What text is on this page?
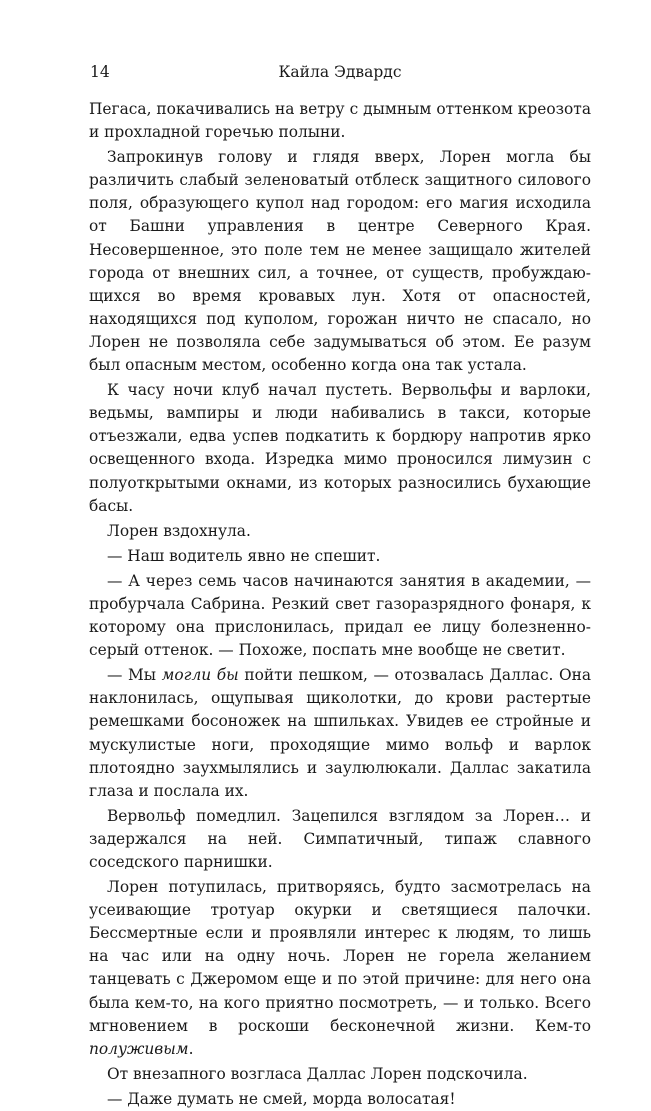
14	Кайла Эдвардс

Пегаса, покачивались на ветру с дымным оттенком креозота и прохладной горечью полыни.

Запрокинув голову и глядя вверх, Лорен могла бы различить слабый зеленоватый отблеск защитного силового поля, образующего купол над городом: его магия исходила от Башни управления в центре Северного Края. Несовершенное, это поле тем не менее защищало жителей города от внешних сил, а точнее, от существ, пробуждающихся во время кровавых лун. Хотя от опасностей, находящихся под куполом, горожан ничто не спасало, но Лорен не позволяла себе задумываться об этом. Ее разум был опасным местом, особенно когда она так устала.

К часу ночи клуб начал пустеть. Вервольфы и варлоки, ведьмы, вампиры и люди набивались в такси, которые отъезжали, едва успев подкатить к бордюру напротив ярко освещенного входа. Изредка мимо проносился лимузин с полуоткрытыми окнами, из которых разносились бухающие басы.

Лорен вздохнула.

— Наш водитель явно не спешит.

— А через семь часов начинаются занятия в академии, — пробурчала Сабрина. Резкий свет газоразрядного фонаря, к которому она прислонилась, придал ее лицу болезненно-серый оттенок. — Похоже, поспать мне вообще не светит.

— Мы могли бы пойти пешком, — отозвалась Даллас. Она наклонилась, ощупывая щиколотки, до крови растертые ремешками босоножек на шпильках. Увидев ее стройные и мускулистые ноги, проходящие мимо вольф и варлок плотоядно заухмылялись и заулюлюкали. Даллас закатила глаза и послала их.

Вервольф помедлил. Зацепился взглядом за Лорен… и задержался на ней. Симпатичный, типаж славного соседского парнишки.

Лорен потупилась, притворяясь, будто засмотрелась на усеивающие тротуар окурки и светящиеся палочки. Бессмертные если и проявляли интерес к людям, то лишь на час или на одну ночь. Лорен не горела желанием танцевать с Джеромом еще и по этой причине: для него она была кем-то, на кого приятно посмотреть, — и только. Всего мгновением в роскоши бесконечной жизни. Кем-то полуживым.

От внезапного возгласа Даллас Лорен подскочила.

— Даже думать не смей, морда волосатая!
